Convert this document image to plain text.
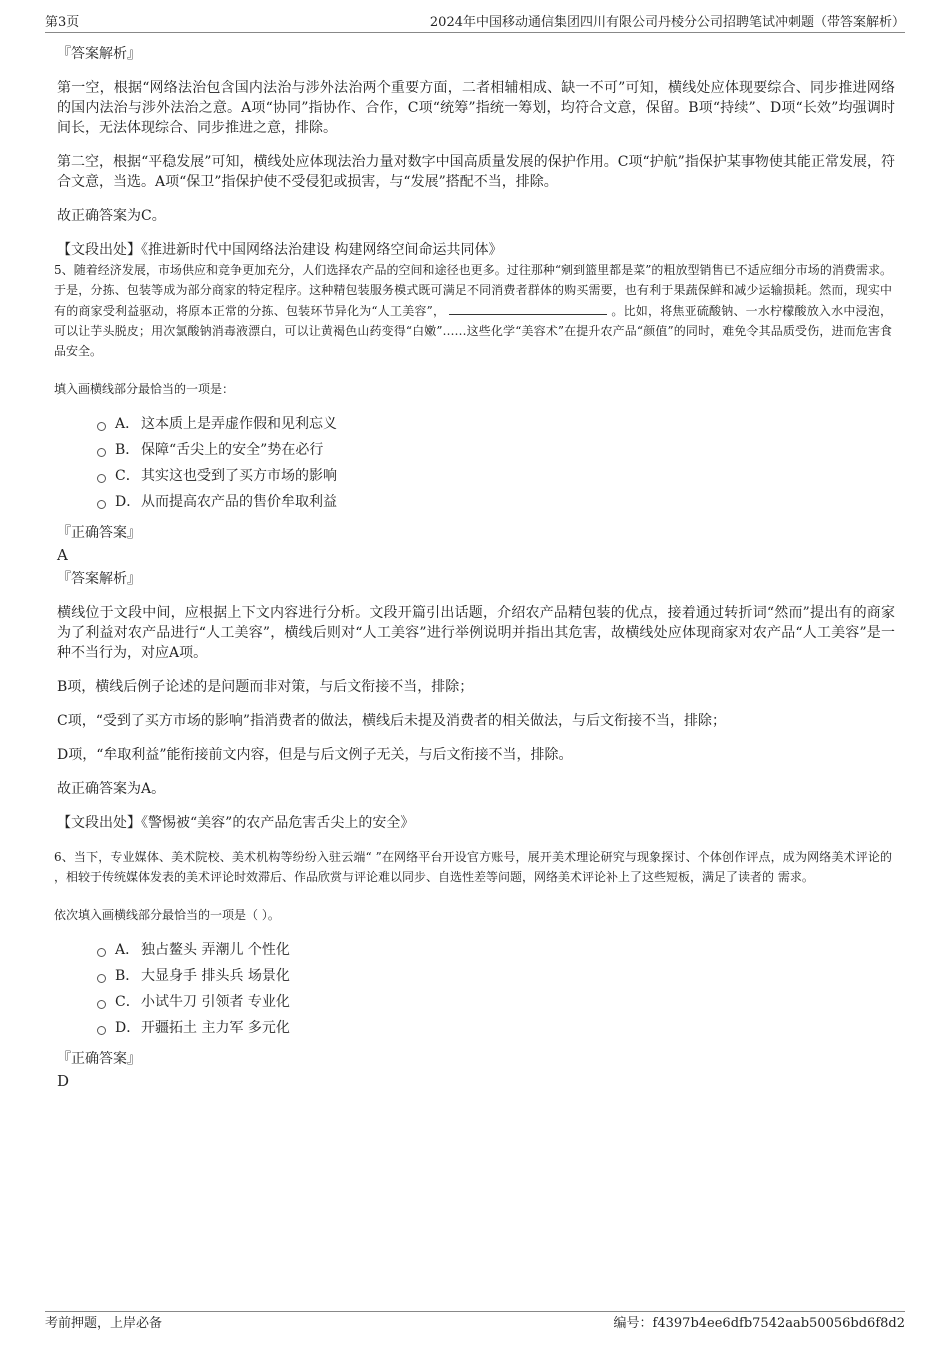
第3页	2024年中国移动通信集团四川有限公司丹棱分公司招聘笔试冲刺题（带答案解析）
『答案解析』

第一空，根据“网络法治包含国内法治与涉外法治两个重要方面，二者相辅相成、缺一不可”可知，横线处应体现要综合、同步推进网络的国内法治与涉外法治之意。A项“协同”指协作、合作，C项“统筹”指统一筹划，均符合文意，保留。B项“持续”、D项“长效”均强调时间长，无法体现综合、同步推进之意，排除。

第二空，根据“平稳发展”可知，横线处应体现法治力量对数字中国高质量发展的保护作用。C项“护航”指保护某事物使其能正常发展，符合文意，当选。A项“保卫”指保护使不受侵犯或损害，与“发展”搭配不当，排除。

故正确答案为C。

【文段出处】《推进新时代中国网络法治建设 构建网络空间命运共同体》

5、随着经济发展，市场供应和竞争更加充分，人们选择农产品的空间和途径也更多。过往那种“剜到篮里都是菜”的粗放型销售已不适应细分市场的消费需求。于是，分拣、包装等成为部分商家的特定程序。这种精包装服务模式既可满足不同消费者群体的购买需要，也有利于果蔬保鲜和减少运输损耗。然而，现实中有的商家受利益驱动，将原本正常的分拣、包装环节异化为“人工美容”，	。比如，将焦亚硫酸钠、一水柠檬酸放入水中浸泡，可以让芋头脱皮；用次氯酸钠消毒液漂白，可以让黄褐色山药变得“白嫩”……这些化学“美容术”在提升农产品“颜值”的同时，难免令其品质受伤，进而危害食品安全。

填入画横线部分最恰当的一项是：

A． 这本质上是弄虚作假和见利忘义
B． 保障“舌尖上的安全”势在必行
C． 其实这也受到了买方市场的影响
D． 从而提高农产品的售价牟取利益
『正确答案』
A
『答案解析』

横线位于文段中间，应根据上下文内容进行分析。文段开篇引出话题，介绍农产品精包装的优点，接着通过转折词“然而”提出有的商家为了利益对农产品进行“人工美容”，横线后则对“人工美容”进行举例说明并指出其危害，故横线处应体现商家对农产品“人工美容”是一种不当行为，对应A项。

B项，横线后例子论述的是问题而非对策，与后文衔接不当，排除；

C项，“受到了买方市场的影响”指消费者的做法，横线后未提及消费者的相关做法，与后文衔接不当，排除；

D项，“牟取利益”能衔接前文内容，但是与后文例子无关，与后文衔接不当，排除。

故正确答案为A。

【文段出处】《警惕被“美容”的农产品危害舌尖上的安全》

6、当下，专业媒体、美术院校、美术机构等纷纷入驻云端“ ”在网络平台开设官方账号，展开美术理论研究与现象探讨、个体创作评点，成为网络美术评论的 ，相较于传统媒体发表的美术评论时效滞后、作品欣赏与评论难以同步、自选性差等问题，网络美术评论补上了这些短板，满足了读者的 需求。

依次填入画横线部分最恰当的一项是（ ）。

A． 独占鳌头 弄潮儿 个性化
B． 大显身手 排头兵 场景化
C． 小试牛刀 引领者 专业化
D． 开疆拓土 主力军 多元化
『正确答案』
D
考前押题，上岸必备	编号：f4397b4ee6dfb7542aab50056bd6f8d2
